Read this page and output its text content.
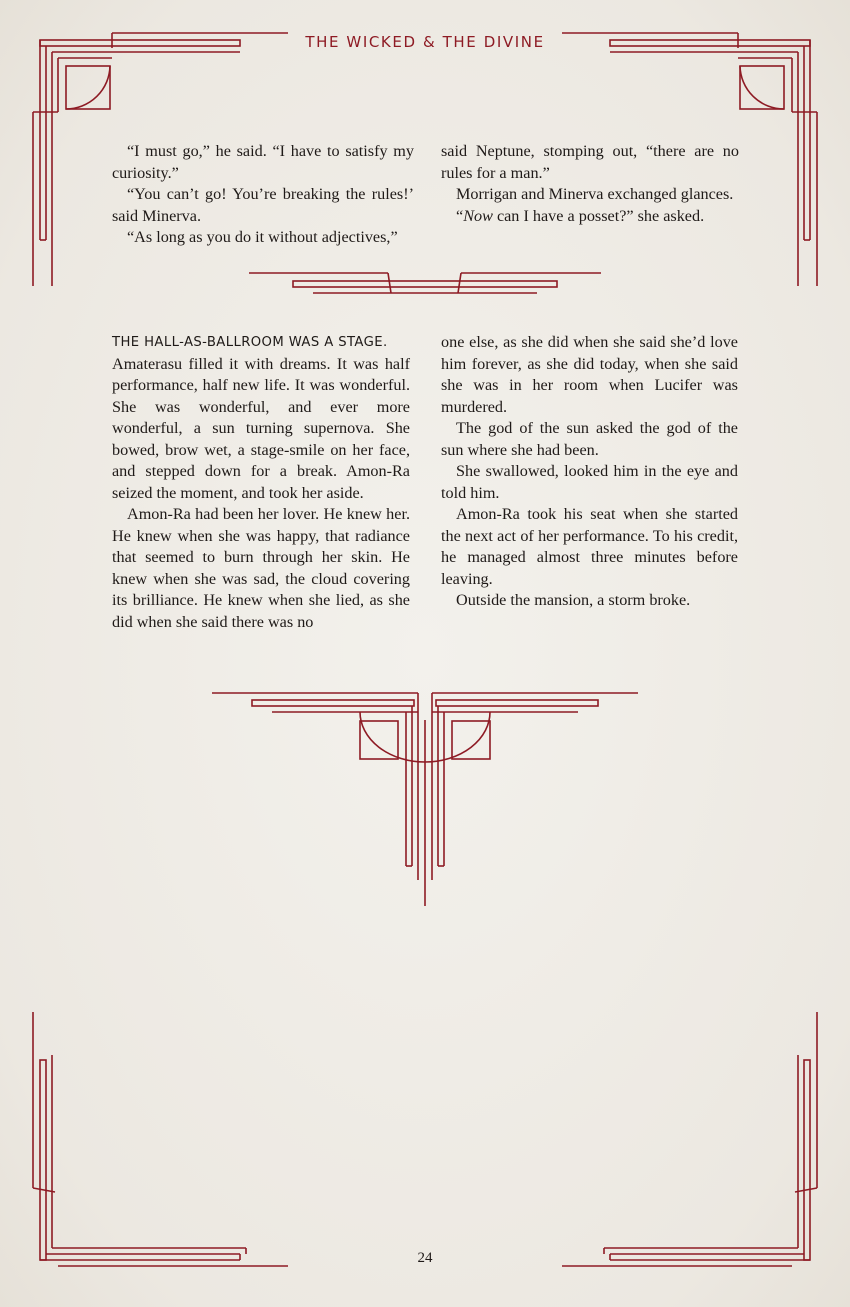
THE WICKED & THE DIVINE

“I must go,” he said. “I have to satisfy my curiosity.”

“You can’t go! You’re breaking the rules!’ said Minerva.

“As long as you do it without adjectives,”

said Neptune, stomping out, “there are no rules for a man.”

Morrigan and Minerva exchanged glances.

“Now can I have a posset?” she asked.

THE HALL-AS-BALLROOM WAS A STAGE.
Amaterasu filled it with dreams. It was half performance, half new life. It was wonderful. She was wonderful, and ever more wonderful, a sun turning supernova. She bowed, brow wet, a stage-smile on her face, and stepped down for a break. Amon-Ra seized the moment, and took her aside.

Amon-Ra had been her lover. He knew her. He knew when she was happy, that radiance that seemed to burn through her skin. He knew when she was sad, the cloud covering its brilliance. He knew when she lied, as she did when she said there was no

one else, as she did when she said she’d love him forever, as she did today, when she said she was in her room when Lucifer was murdered.

The god of the sun asked the god of the sun where she had been.

She swallowed, looked him in the eye and told him.

Amon-Ra took his seat when she started the next act of her performance. To his credit, he managed almost three minutes before leaving.

Outside the mansion, a storm broke.

24
